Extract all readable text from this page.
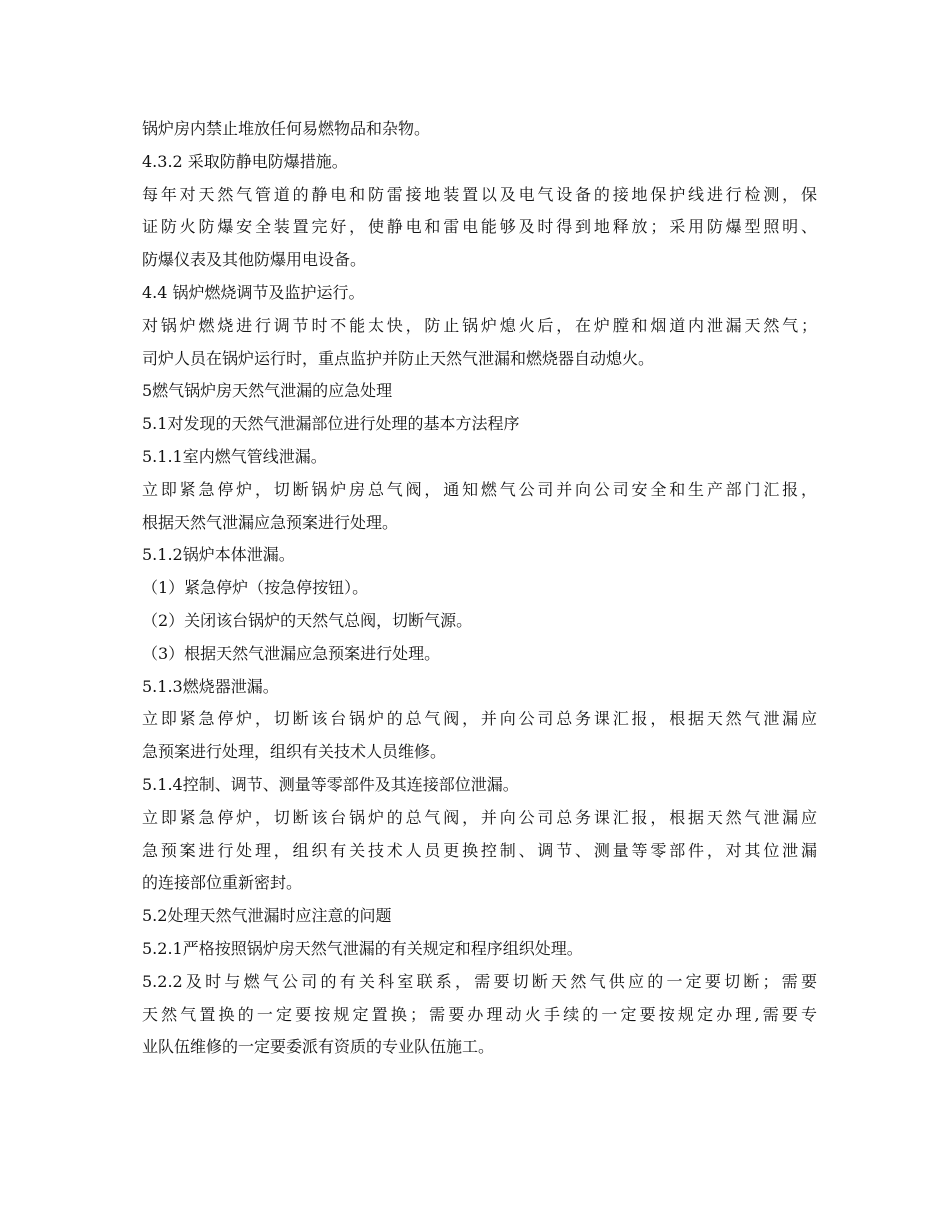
锅炉房内禁止堆放任何易燃物品和杂物。

4.3.2 采取防静电防爆措施。

每年对天然气管道的静电和防雷接地装置以及电气设备的接地保护线进行检测，保

证防火防爆安全装置完好，使静电和雷电能够及时得到地释放；采用防爆型照明、

防爆仪表及其他防爆用电设备。

4.4 锅炉燃烧调节及监护运行。

对锅炉燃烧进行调节时不能太快，防止锅炉熄火后，在炉膛和烟道内泄漏天然气；

司炉人员在锅炉运行时，重点监护并防止天然气泄漏和燃烧器自动熄火。

5燃气锅炉房天然气泄漏的应急处理

5.1对发现的天然气泄漏部位进行处理的基本方法程序

5.1.1室内燃气管线泄漏。

立即紧急停炉，切断锅炉房总气阀，通知燃气公司并向公司安全和生产部门汇报，

根据天然气泄漏应急预案进行处理。

5.1.2锅炉本体泄漏。

（1）紧急停炉（按急停按钮）。

（2）关闭该台锅炉的天然气总阀，切断气源。

（3）根据天然气泄漏应急预案进行处理。

5.1.3燃烧器泄漏。

立即紧急停炉，切断该台锅炉的总气阀，并向公司总务课汇报，根据天然气泄漏应

急预案进行处理，组织有关技术人员维修。

5.1.4控制、调节、测量等零部件及其连接部位泄漏。

立即紧急停炉，切断该台锅炉的总气阀，并向公司总务课汇报，根据天然气泄漏应

急预案进行处理，组织有关技术人员更换控制、调节、测量等零部件，对其位泄漏

的连接部位重新密封。

5.2处理天然气泄漏时应注意的问题

5.2.1严格按照锅炉房天然气泄漏的有关规定和程序组织处理。

5.2.2及时与燃气公司的有关科室联系，需要切断天然气供应的一定要切断；需要

天然气置换的一定要按规定置换；需要办理动火手续的一定要按规定办理,需要专

业队伍维修的一定要委派有资质的专业队伍施工。
